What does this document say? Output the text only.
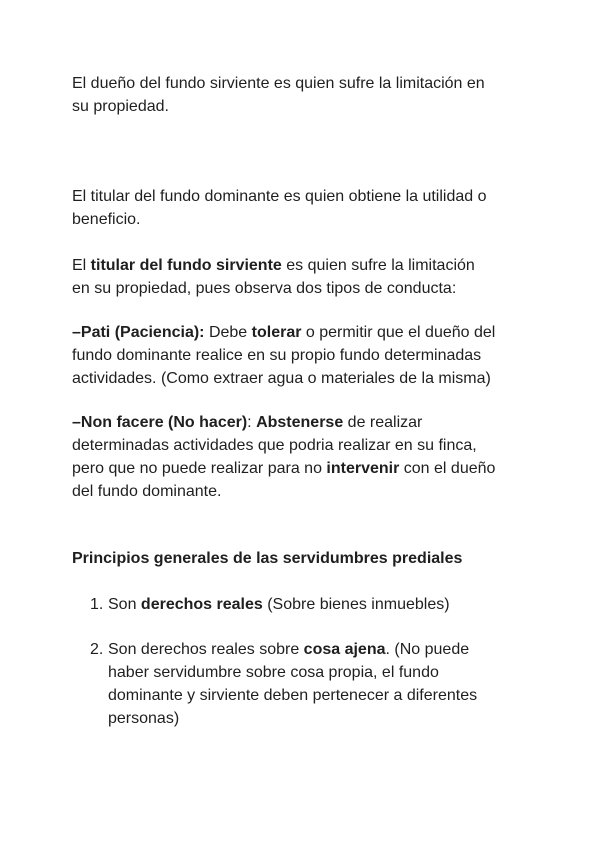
El dueño del fundo sirviente es quien sufre la limitación en
su propiedad.

El titular del fundo dominante es quien obtiene la utilidad o
beneficio.

El titular del fundo sirviente es quien sufre la limitación
en su propiedad, pues observa dos tipos de conducta:

–Pati (Paciencia): Debe tolerar o permitir que el dueño del
fundo dominante realice en su propio fundo determinadas
actividades. (Como extraer agua o materiales de la misma)

–Non facere (No hacer): Abstenerse de realizar
determinadas actividades que podria realizar en su finca,
pero que no puede realizar para no intervenir con el dueño
del fundo dominante.

Principios generales de las servidumbres prediales

1. Son derechos reales (Sobre bienes inmuebles)
2. Son derechos reales sobre cosa ajena. (No puede
haber servidumbre sobre cosa propia, el fundo
dominante y sirviente deben pertenecer a diferentes
personas)
